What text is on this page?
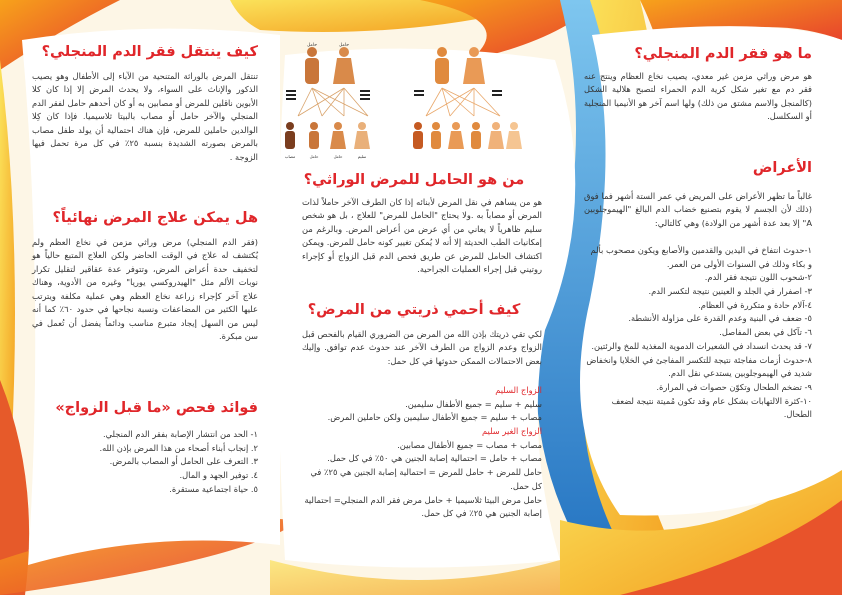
ما هو فقر الدم المنجلي؟

هو مرض وراثي مزمن غير معدي، يصيب نخاع العظام وينتج عنه فقر دم مع تغير شكل كرية الدم الحمراء لتصبح هلالية الشكل (كالمنجل والاسم مشتق من ذلك) ولها اسم آخر هو الأنيميا المنجلية أو السكلسل.

الأعراض

غالباً ما تظهر الأعراض على المريض في عمر الستة أشهر فما فوق (ذلك لأن الجسم لا يقوم بتصنيع خضاب الدم البالغ "الهيموجلوبين A" إلا بعد عدة أشهر من الولادة) وهي كالتالي:

١-حدوث انتفاخ في اليدين والقدمين والأصابع ويكون مصحوب بألم و بكاء وذلك في السنوات الأولى من العمر.
٢-شحوب اللون نتيجة فقر الدم.
٣- اصفرار في الجلد و العينين نتيجة لتكسر الدم.
٤-آلام حادة و متكررة في العظام.
٥- ضعف في البنية وعدم القدرة على مزاولة الأنشطة.
٦- تآكل في بعض المفاصل.
٧- قد يحدث انسداد في الشعيرات الدموية المغذية للمخ والرئتين.
٨-حدوث أزمات مفاجئة نتيجة للتكسر المفاجئ في الخلايا وانخفاض شديد في الهيموجلوبين يستدعي نقل الدم.
٩- تضخم الطحال وتكوّن حصوات في المرارة.
١٠-كثرة الالتهابات بشكل عام وقد تكون مُميتة نتيجة لضعف الطحال.
حامل	حامل
مصاب	حامل	حامل	سليم
من هو الحامل للمرض الوراثي؟

هو من يساهم في نقل المرض لأبنائه إذا كان الطرف الآخر حاملاً لذات المرض أو مصاباً به .ولا يحتاج "الحامل للمرض" للعلاج ، بل هو شخص سليم ظاهرياً لا يعاني من أي عرض من أعراض المرض. وبالرغم من إمكانيات الطب الحديثة إلا أنه لا يُمكن تغيير كونه حامل للمرض. ويمكن اكتشاف الحامل للمرض عن طريق فحص الدم قبل الزواج أو كإجراء روتيني قبل إجراء العمليات الجراحية.

كيف أحمي ذريتي من المرض؟

لكي تقي ذريتك بإذن الله من المرض من الضروري القيام بالفحص قبل الزواج وعدم الزواج من الطرف الآخر عند حدوث عدم توافق. وإليك بعض الاحتمالات الممكن حدوثها في كل حمل:

الزواج السليم
سليم + سليم = جميع الأطفال سليمين.
مصاب + سليم = جميع الأطفال سليمين ولكن حاملين المرض.
الزواج الغير سليم
مصاب + مصاب = جميع الأطفال مصابين.
مصاب + حامل = احتمالية إصابة الجنين هي ٥٠٪ في كل حمل.
حامل للمرض + حامل للمرض = احتمالية إصابة الجنين هي ٢٥٪ في كل حمل.
حامل مرض البيتا ثلاسيميا + حامل مرض فقر الدم المنجلي= احتمالية إصابة الجنين هي ٢٥٪ في كل حمل.
كيف ينتقل فقر الدم المنجلي؟

تنتقل المرض بالوراثة المتنحية من الآباء إلى الأطفال وهو يصيب الذكور والإناث على السواء، ولا يحدث المرض إلا إذا كان كلا الأبوين ناقلين للمرض أو مصابين به أو كان أحدهم حامل لفقر الدم المنجلي والآخر حامل أو مصاب بالبيتا ثلاسيميا. فإذا كان كِلا الوالدين حاملين للمرض، فإن هناك احتمالية أن يولد طفل مصاب بالمرض بصورته الشديدة بنسبة ٢٥٪ في كل مرة تحمل فيها الزوجة .

هل يمكن علاج المرض نهائياً؟

(فقر الدم المنجلي) مرض وراثي مزمن في نخاع العظم ولم يُكتشف له علاج في الوقت الحاضر ولكن العلاج المتبع حالياً هو لتخفيف حدة أعراض المرض، وتتوفر عدة عقاقير لتقليل تكرار نوبات الألم مثل "الهيدروكسي يوريا" وغيره من الأدوية، وهناك علاج آخر كإجراء زراعة نخاع العظم وهي عملية مكلفة ويترتب عليها الكثير من المضاعفات ونسبة نجاحها في حدود ٦٠٪ كما أنه ليس من السهل إيجاد متبرع مناسب ودائماً يفضل أن تُعمل في سن مبكرة.

فوائد فحص «ما قبل الزواج»
١- الحد من انتشار الإصابة بفقر الدم المنجلي.
٢. إنجاب أبناء أصحاء من هذا المرض بإذن الله.
٣. التعرف على الحامل أو المصاب بالمرض.
٤. توفير الجهد و المال.
٥. حياة اجتماعية مستقرة.
